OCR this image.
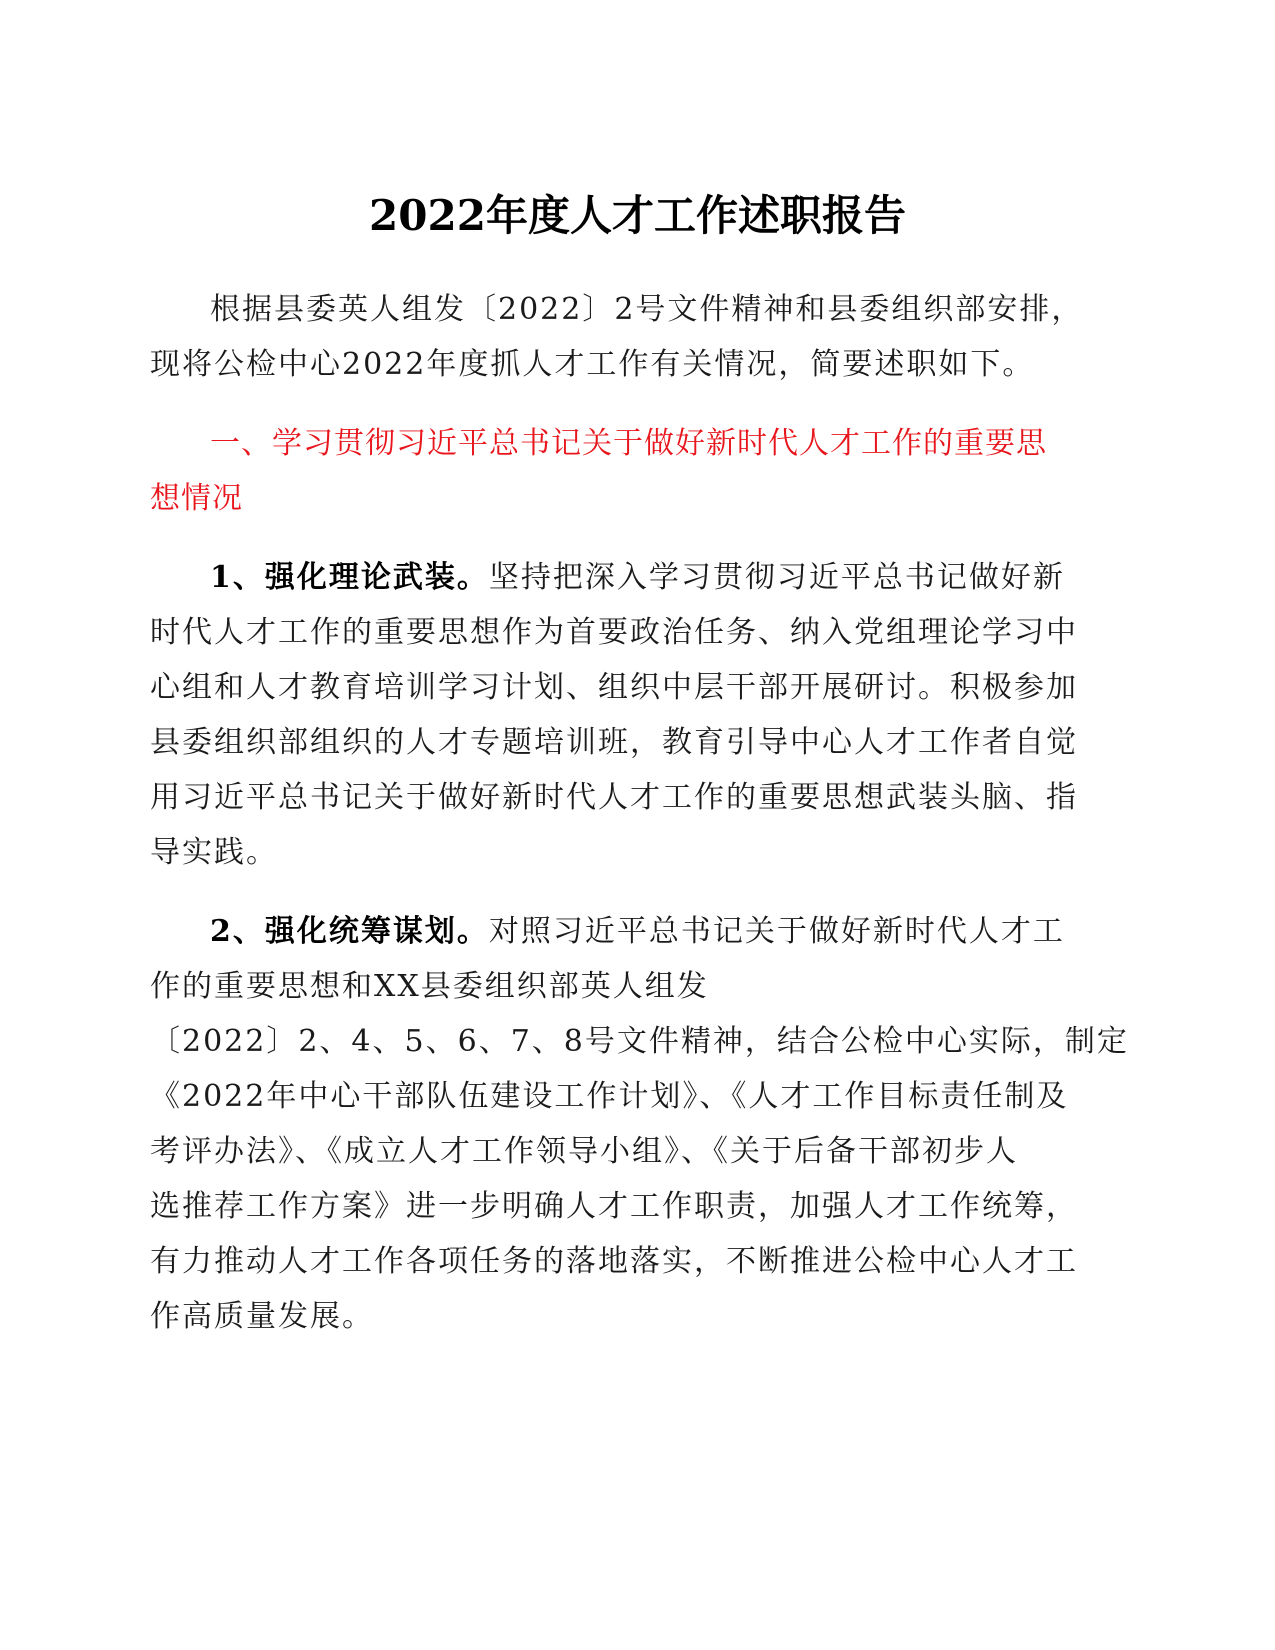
2022年度人才工作述职报告

根据县委英人组发〔2022〕2号文件精神和县委组织部安排，

现将公检中心2022年度抓人才工作有关情况，简要述职如下。

一、学习贯彻习近平总书记关于做好新时代人才工作的重要思

想情况

1、强化理论武装。坚持把深入学习贯彻习近平总书记做好新

时代人才工作的重要思想作为首要政治任务、纳入党组理论学习中

心组和人才教育培训学习计划、组织中层干部开展研讨。积极参加

县委组织部组织的人才专题培训班，教育引导中心人才工作者自觉

用习近平总书记关于做好新时代人才工作的重要思想武装头脑、指

导实践。

2、强化统筹谋划。对照习近平总书记关于做好新时代人才工

作的重要思想和XX县委组织部英人组发

〔2022〕2、4、5、6、7、8号文件精神，结合公检中心实际，制定

《2022年中心干部队伍建设工作计划》、《人才工作目标责任制及

考评办法》、《成立人才工作领导小组》、《关于后备干部初步人

选推荐工作方案》进一步明确人才工作职责，加强人才工作统筹，

有力推动人才工作各项任务的落地落实，不断推进公检中心人才工

作高质量发展。
